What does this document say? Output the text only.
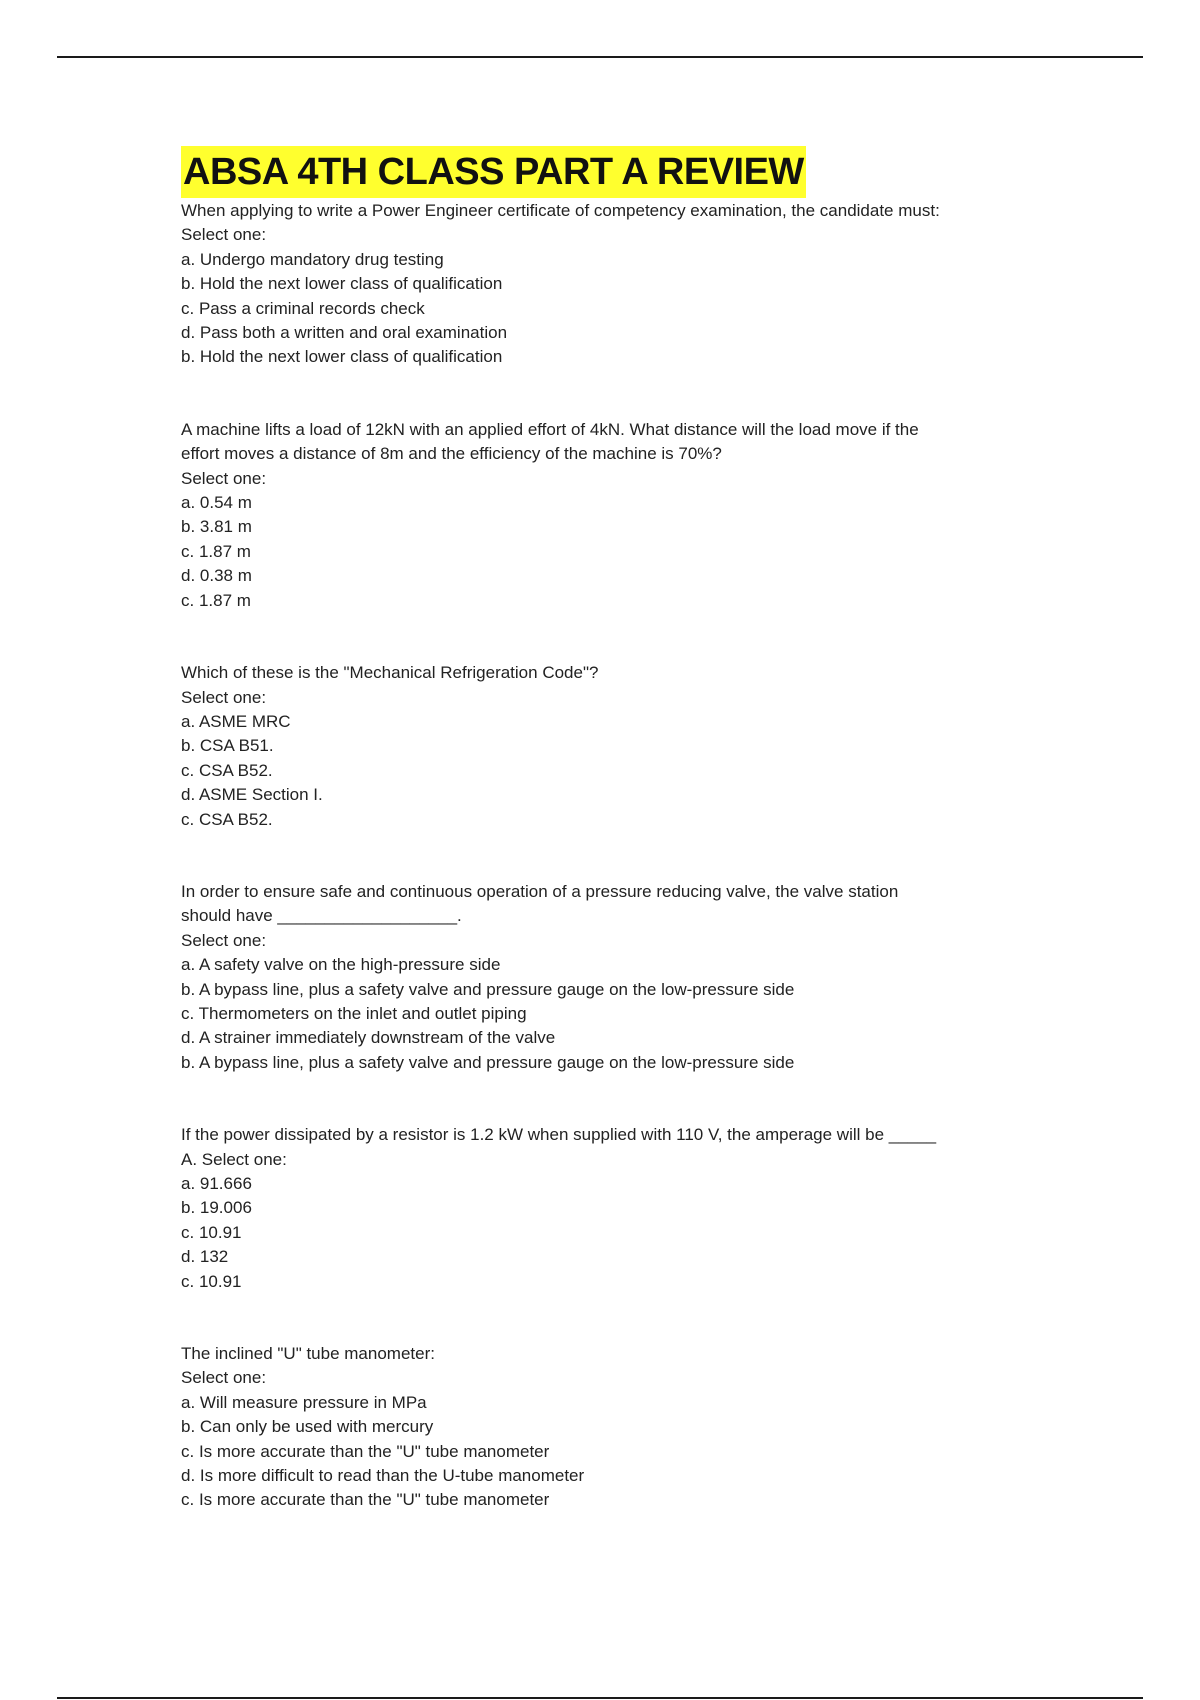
ABSA 4TH CLASS PART A REVIEW
When applying to write a Power Engineer certificate of competency examination, the candidate must:
Select one:
a. Undergo mandatory drug testing
b. Hold the next lower class of qualification
c. Pass a criminal records check
d. Pass both a written and oral examination
b. Hold the next lower class of qualification
A machine lifts a load of 12kN with an applied effort of 4kN. What distance will the load move if the
effort moves a distance of 8m and the efficiency of the machine is 70%?
Select one:
a. 0.54 m
b. 3.81 m
c. 1.87 m
d. 0.38 m
c. 1.87 m
Which of these is the "Mechanical Refrigeration Code"?
Select one:
a. ASME MRC
b. CSA B51.
c. CSA B52.
d. ASME Section I.
c. CSA B52.
In order to ensure safe and continuous operation of a pressure reducing valve, the valve station
should have ___________________.
Select one:
a. A safety valve on the high-pressure side
b. A bypass line, plus a safety valve and pressure gauge on the low-pressure side
c. Thermometers on the inlet and outlet piping
d. A strainer immediately downstream of the valve
b. A bypass line, plus a safety valve and pressure gauge on the low-pressure side
If the power dissipated by a resistor is 1.2 kW when supplied with 110 V, the amperage will be _____
A. Select one:
a. 91.666
b. 19.006
c. 10.91
d. 132
c. 10.91
The inclined "U" tube manometer:
Select one:
a. Will measure pressure in MPa
b. Can only be used with mercury
c. Is more accurate than the "U" tube manometer
d. Is more difficult to read than the U-tube manometer
c. Is more accurate than the "U" tube manometer
